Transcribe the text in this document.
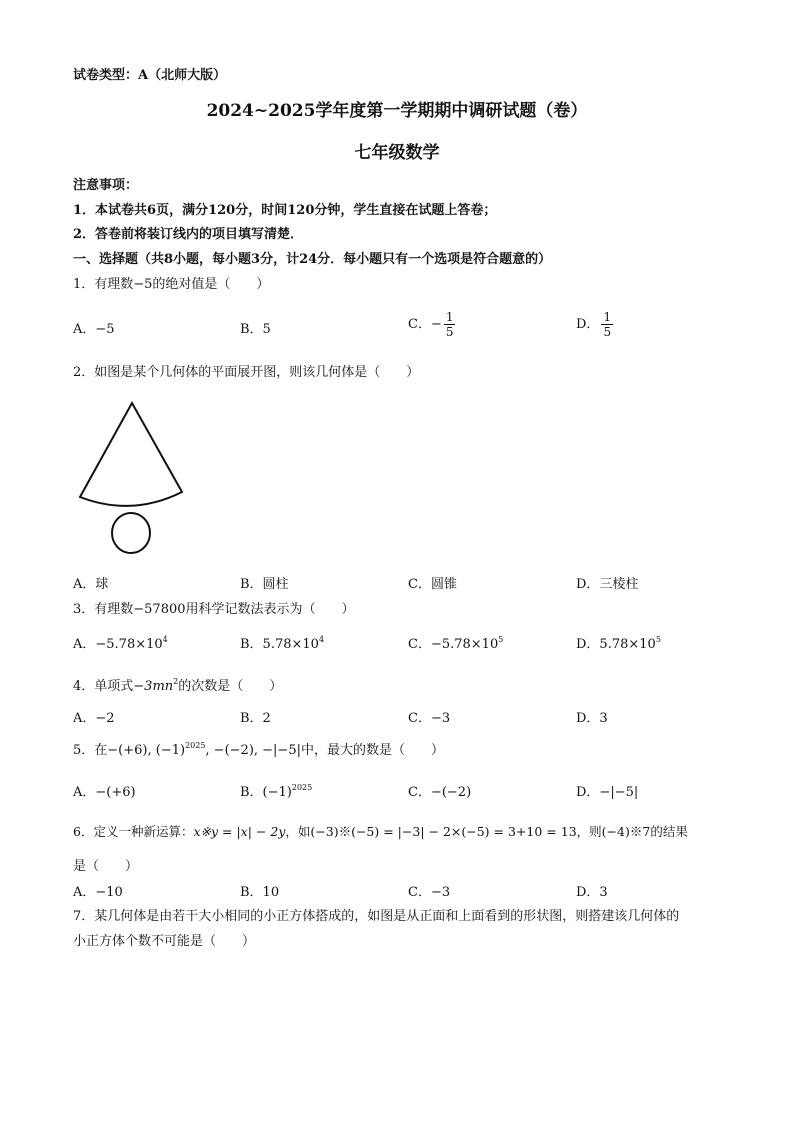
试卷类型：A（北师大版）
2024~2025学年度第一学期期中调研试题（卷）
七年级数学
注意事项：
1．本试卷共6页，满分120分，时间120分钟，学生直接在试题上答卷；
2．答卷前将装订线内的项目填写清楚．
一、选择题（共8小题，每小题3分，计24分．每小题只有一个选项是符合题意的）
1．有理数−5的绝对值是（　　）
A．−5	B．5	C．− $\frac{1}{5}$	D． $\frac{1}{5}$
2．如图是某个几何体的平面展开图，则该几何体是（　　）
A．球	B．圆柱	C．圆锥	D．三棱柱
3．有理数−57800用科学记数法表示为（　　）
A．$-5.78\times 10^4$	B．$5.78\times 10^4$	C．$-5.78\times 10^5$	D．$5.78\times 10^5$
4．单项式$-3mn^2$的次数是（　　）
A．−2	B．2	C．−3	D．3
5．在−(+6), $(-1)^{2025}$, −(−2), −|−5|中，最大的数是（　　）
A．−(+6)	B．$(-1)^{2025}$	C．−(−2)	D．−|−5|
6．定义一种新运算：x※y = |x| − 2y，如(−3)※(−5) = |−3| − 2×(−5) = 3+10 = 13，则(−4)※7的结果
是（　　）
A．−10	B．10	C．−3	D．3
7．某几何体是由若干大小相同的小正方体搭成的，如图是从正面和上面看到的形状图，则搭建该几何体的
小正方体个数不可能是（　　）
